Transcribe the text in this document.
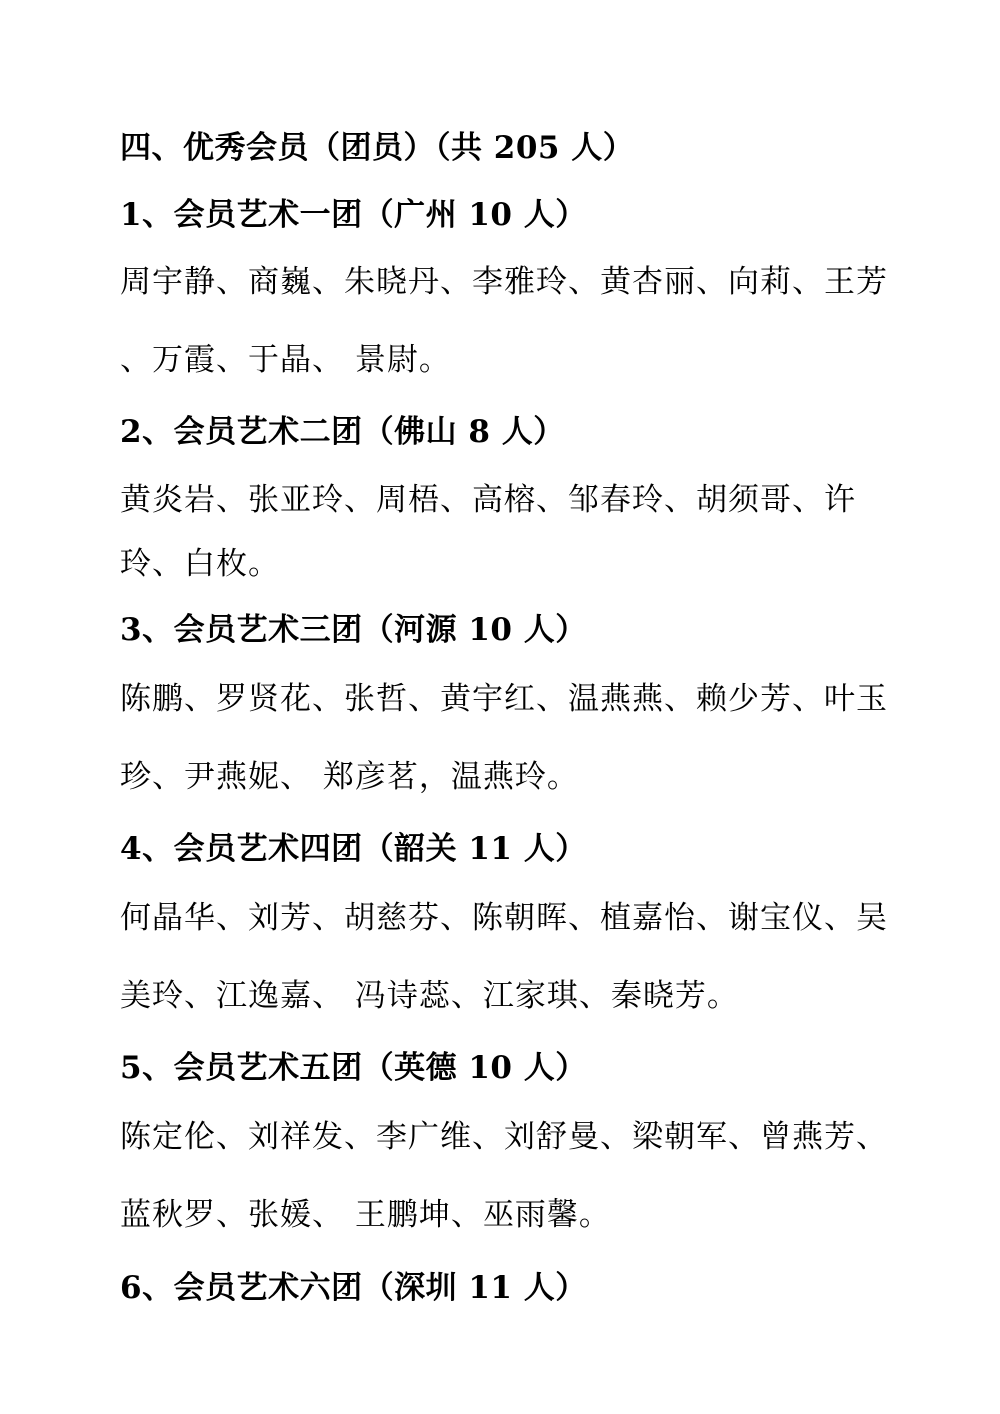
四、优秀会员（团员）（共 205 人）
1、会员艺术一团（广州 10 人）
周宇静、商巍、朱晓丹、李雅玲、黄杏丽、向莉、王芳
、万霞、于晶、 景尉。
2、会员艺术二团（佛山 8 人）
黄炎岩、张亚玲、周梧、高榕、邹春玲、胡须哥、许
玲、白枚。
3、会员艺术三团（河源 10 人）
陈鹏、罗贤花、张哲、黄宇红、温燕燕、赖少芳、叶玉
珍、尹燕妮、 郑彦茗，温燕玲。
4、会员艺术四团（韶关 11 人）
何晶华、刘芳、胡慈芬、陈朝晖、植嘉怡、谢宝仪、吴
美玲、江逸嘉、 冯诗蕊、江家琪、秦晓芳。
5、会员艺术五团（英德 10 人）
陈定伦、刘祥发、李广维、刘舒曼、梁朝军、曾燕芳、
蓝秋罗、张媛、 王鹏坤、巫雨馨。
6、会员艺术六团（深圳 11 人）
